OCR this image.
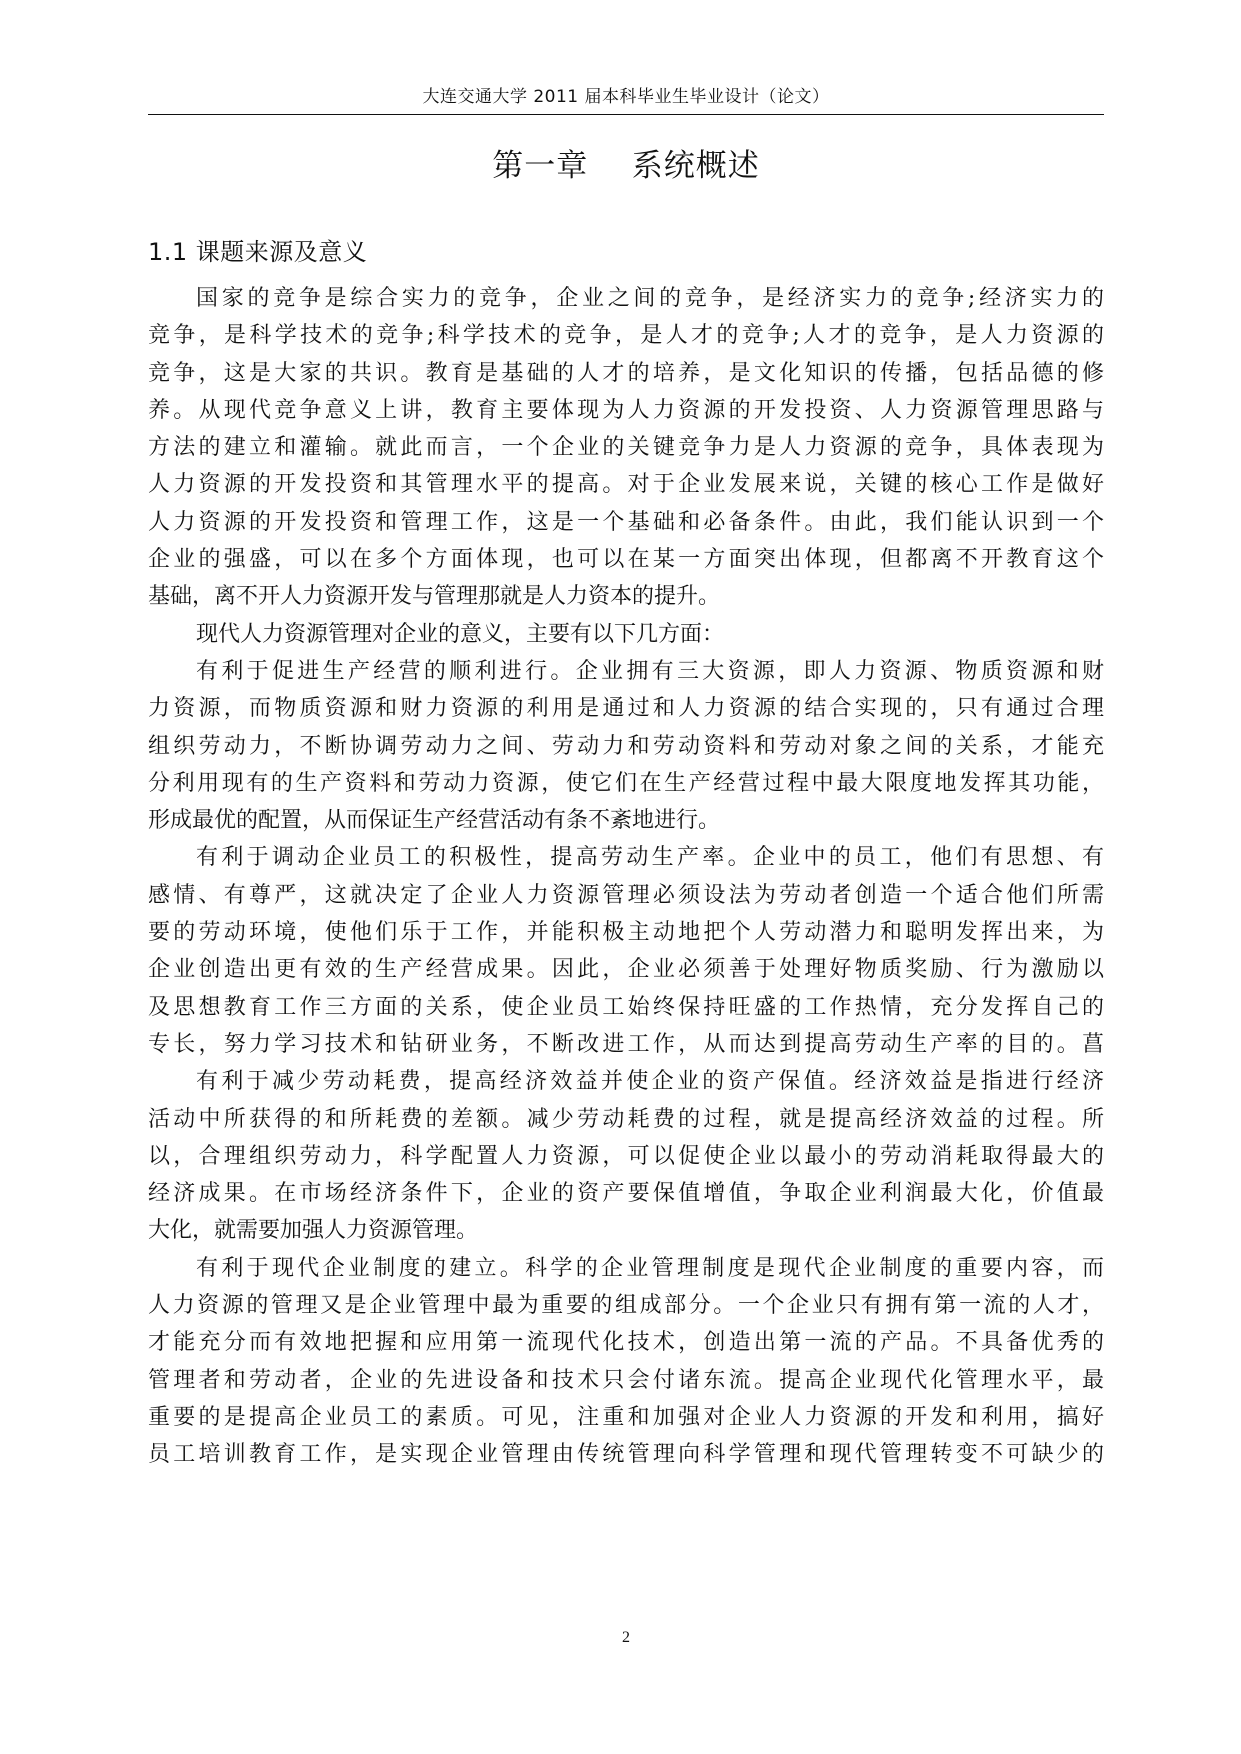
大连交通大学 2011 届本科毕业生毕业设计（论文）
第一章    系统概述
1.1 课题来源及意义
国家的竞争是综合实力的竞争，企业之间的竞争，是经济实力的竞争;经济实力的
竞争，是科学技术的竞争;科学技术的竞争，是人才的竞争;人才的竞争，是人力资源的
竞争，这是大家的共识。教育是基础的人才的培养，是文化知识的传播，包括品德的修
养。从现代竞争意义上讲，教育主要体现为人力资源的开发投资、人力资源管理思路与
方法的建立和灌输。就此而言，一个企业的关键竞争力是人力资源的竞争，具体表现为
人力资源的开发投资和其管理水平的提高。对于企业发展来说，关键的核心工作是做好
人力资源的开发投资和管理工作，这是一个基础和必备条件。由此，我们能认识到一个
企业的强盛，可以在多个方面体现，也可以在某一方面突出体现，但都离不开教育这个
基础，离不开人力资源开发与管理那就是人力资本的提升。
现代人力资源管理对企业的意义，主要有以下几方面：
有利于促进生产经营的顺利进行。企业拥有三大资源，即人力资源、物质资源和财
力资源，而物质资源和财力资源的利用是通过和人力资源的结合实现的，只有通过合理
组织劳动力，不断协调劳动力之间、劳动力和劳动资料和劳动对象之间的关系，才能充
分利用现有的生产资料和劳动力资源，使它们在生产经营过程中最大限度地发挥其功能，
形成最优的配置，从而保证生产经营活动有条不紊地进行。
有利于调动企业员工的积极性，提高劳动生产率。企业中的员工，他们有思想、有
感情、有尊严，这就决定了企业人力资源管理必须设法为劳动者创造一个适合他们所需
要的劳动环境，使他们乐于工作，并能积极主动地把个人劳动潜力和聪明发挥出来，为
企业创造出更有效的生产经营成果。因此，企业必须善于处理好物质奖励、行为激励以
及思想教育工作三方面的关系，使企业员工始终保持旺盛的工作热情，充分发挥自己的
专长，努力学习技术和钻研业务，不断改进工作，从而达到提高劳动生产率的目的。菖
有利于减少劳动耗费，提高经济效益并使企业的资产保值。经济效益是指进行经济
活动中所获得的和所耗费的差额。减少劳动耗费的过程，就是提高经济效益的过程。所
以，合理组织劳动力，科学配置人力资源，可以促使企业以最小的劳动消耗取得最大的
经济成果。在市场经济条件下，企业的资产要保值增值，争取企业利润最大化，价值最
大化，就需要加强人力资源管理。
有利于现代企业制度的建立。科学的企业管理制度是现代企业制度的重要内容，而
人力资源的管理又是企业管理中最为重要的组成部分。一个企业只有拥有第一流的人才，
才能充分而有效地把握和应用第一流现代化技术，创造出第一流的产品。不具备优秀的
管理者和劳动者，企业的先进设备和技术只会付诸东流。提高企业现代化管理水平，最
重要的是提高企业员工的素质。可见，注重和加强对企业人力资源的开发和利用，搞好
员工培训教育工作，是实现企业管理由传统管理向科学管理和现代管理转变不可缺少的
2
